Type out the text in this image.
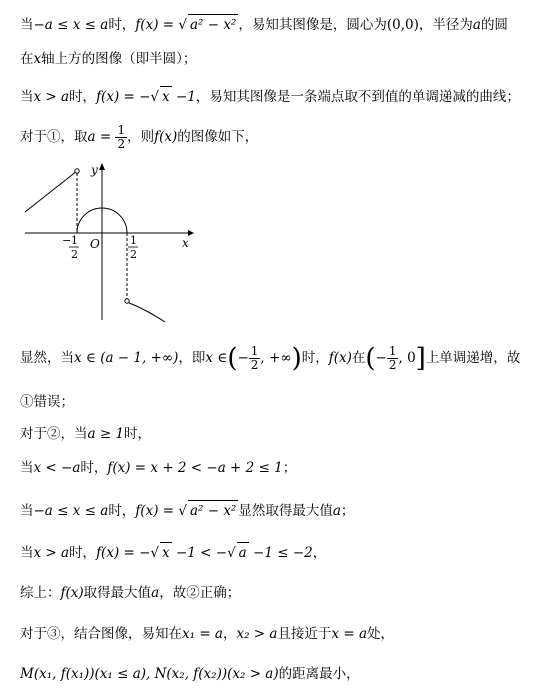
当−a ≤ x ≤ a时，f(x) = √ a² − x² ，易知其图像是，圆心为(0,0)，半径为a的圆
在x轴上方的图像（即半圆）；
当x > a时，f(x) = −√ x −1，易知其图像是一条端点取不到值的单调递减的曲线；
对于①，取$a = \frac{1}{2}$ ，则f(x)的图像如下，
y
x
O
− 1
2
1
2
显然，当x ∈ (a − 1, +∞)，即x ∈(− $\frac{1}{2}$ , +∞)时，f(x)在(− $\frac{1}{2}$ , 0]上单调递增，故
①错误；
对于②，当a ≥ 1时，
当x < −a时，f(x) = x + 2 < −a + 2 ≤ 1；
当−a ≤ x ≤ a时，f(x) = √ a² − x² 显然取得最大值a；
当x > a时，f(x) = −√ x −1 < −√ a −1 ≤ −2，
综上：f(x)取得最大值a，故②正确；
对于③，结合图像，易知在x₁ = a，x₂ > a且接近于x = a处，
M(x₁, f(x₁))(x₁ ≤ a), N(x₂, f(x₂))(x₂ > a)的距离最小，
